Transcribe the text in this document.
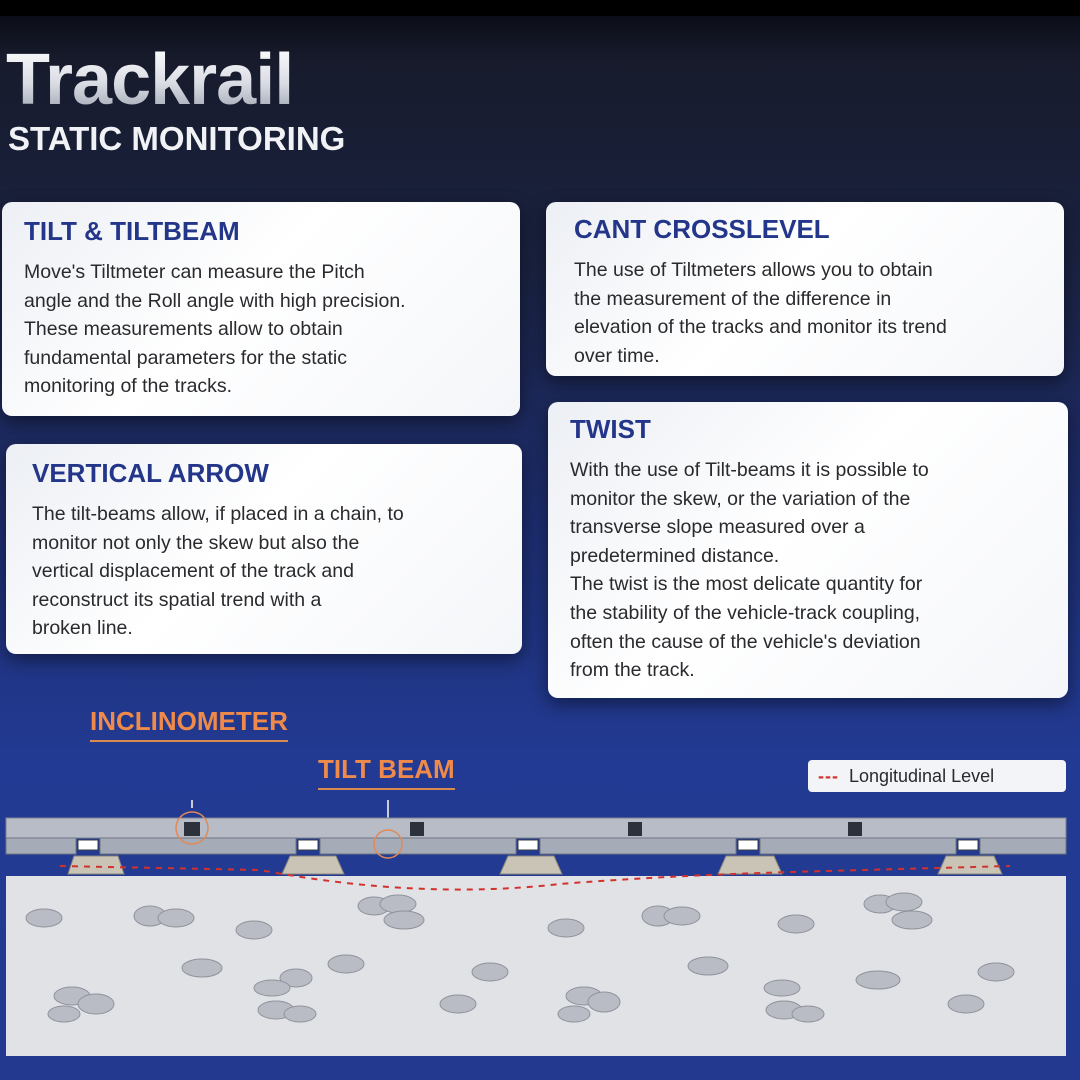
Trackrail
STATIC MONITORING
TILT & TILTBEAM

Move's Tiltmeter can measure the Pitch
angle and the Roll angle with high precision.
These measurements allow to obtain
fundamental parameters for the static
monitoring of the tracks.

VERTICAL ARROW

The tilt-beams allow, if placed in a chain, to
monitor not only the skew but also the
vertical displacement of the track and
reconstruct its spatial trend with a
broken line.

CANT CROSSLEVEL

The use of Tiltmeters allows you to obtain
the measurement of the difference in
elevation of the tracks and monitor its trend
over time.

TWIST

With the use of Tilt-beams it is possible to
monitor the skew, or the variation of the
transverse slope measured over a
predetermined distance.
The twist is the most delicate quantity for
the stability of the vehicle-track coupling,
often the cause of the vehicle's deviation
from the track.

INCLINOMETER
TILT BEAM	--- Longitudinal Level
